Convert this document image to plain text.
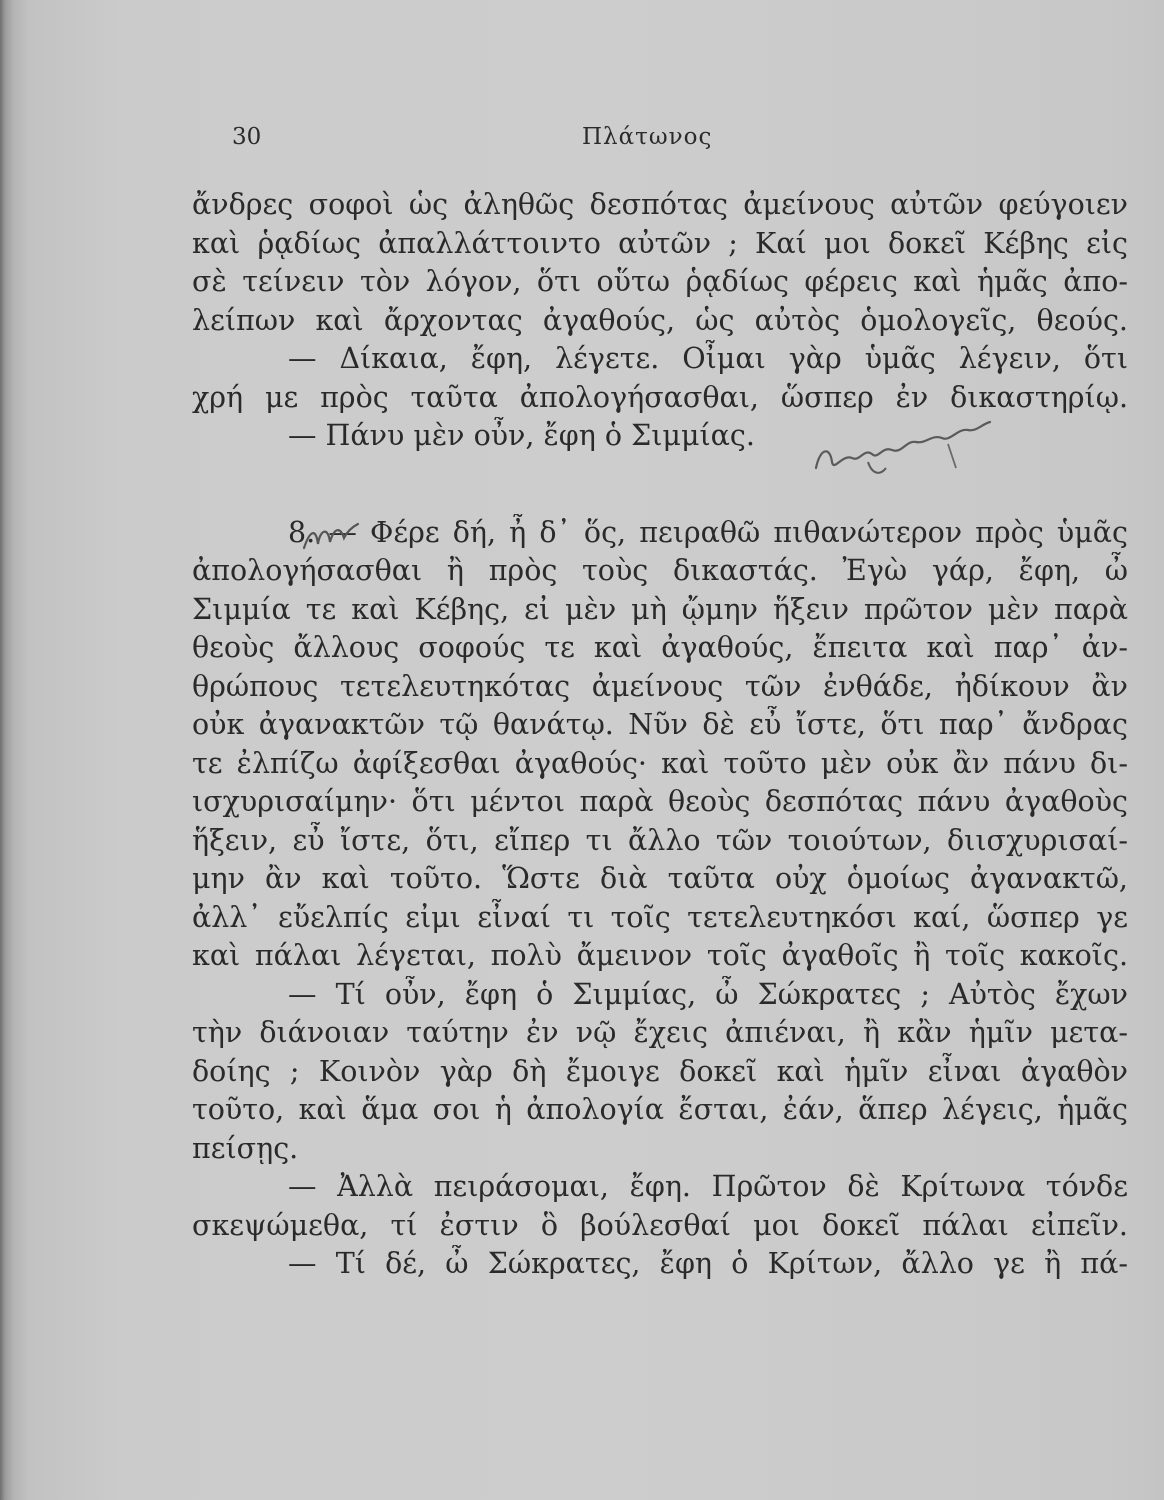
30	Πλάτωνος
ἄνδρες σοφοὶ ὡς ἀληθῶς δεσπότας ἀμείνους αὐτῶν φεύγοιεν
καὶ ῥᾳδίως ἀπαλλάττοιντο αὐτῶν ; Καί μοι δοκεῖ Κέβης εἰς
σὲ τείνειν τὸν λόγον, ὅτι οὕτω ῥᾳδίως φέρεις καὶ ἡμᾶς ἀπο-
λείπων καὶ ἄρχοντας ἀγαθούς, ὡς αὐτὸς ὁμολογεῖς, θεούς.
— Δίκαια, ἔφη, λέγετε. Οἶμαι γὰρ ὑμᾶς λέγειν, ὅτι
χρή με πρὸς ταῦτα ἀπολογήσασθαι, ὥσπερ ἐν δικαστηρίῳ.
— Πάνυ μὲν οὖν, ἔφη ὁ Σιμμίας.
8. — Φέρε δή, ἦ δ᾽ ὅς, πειραθῶ πιθανώτερον πρὸς ὑμᾶς
ἀπολογήσασθαι ἢ πρὸς τοὺς δικαστάς. Ἐγὼ γάρ, ἔφη, ὦ
Σιμμία τε καὶ Κέβης, εἰ μὲν μὴ ᾤμην ἥξειν πρῶτον μὲν παρὰ
θεοὺς ἄλλους σοφούς τε καὶ ἀγαθούς, ἔπειτα καὶ παρ᾽ ἀν-
θρώπους τετελευτηκότας ἀμείνους τῶν ἐνθάδε, ἠδίκουν ἂν
οὐκ ἀγανακτῶν τῷ θανάτῳ. Νῦν δὲ εὖ ἴστε, ὅτι παρ᾽ ἄνδρας
τε ἐλπίζω ἀφίξεσθαι ἀγαθούς· καὶ τοῦτο μὲν οὐκ ἂν πάνυ δι-
ισχυρισαίμην· ὅτι μέντοι παρὰ θεοὺς δεσπότας πάνυ ἀγαθοὺς
ἥξειν, εὖ ἴστε, ὅτι, εἴπερ τι ἄλλο τῶν τοιούτων, διισχυρισαί-
μην ἂν καὶ τοῦτο. Ὥστε διὰ ταῦτα οὐχ ὁμοίως ἀγανακτῶ,
ἀλλ᾽ εὔελπίς εἰμι εἶναί τι τοῖς τετελευτηκόσι καί, ὥσπερ γε
καὶ πάλαι λέγεται, πολὺ ἄμεινον τοῖς ἀγαθοῖς ἢ τοῖς κακοῖς.
— Τί οὖν, ἔφη ὁ Σιμμίας, ὦ Σώκρατες ; Αὐτὸς ἔχων
τὴν διάνοιαν ταύτην ἐν νῷ ἔχεις ἀπιέναι, ἢ κἂν ἡμῖν μετα-
δοίης ; Κοινὸν γὰρ δὴ ἔμοιγε δοκεῖ καὶ ἡμῖν εἶναι ἀγαθὸν
τοῦτο, καὶ ἅμα σοι ἡ ἀπολογία ἔσται, ἐάν, ἅπερ λέγεις, ἡμᾶς
πείσῃς.
— Ἀλλὰ πειράσομαι, ἔφη. Πρῶτον δὲ Κρίτωνα τόνδε
σκεψώμεθα, τί ἐστιν ὃ βούλεσθαί μοι δοκεῖ πάλαι εἰπεῖν.
— Τί δέ, ὦ Σώκρατες, ἔφη ὁ Κρίτων, ἄλλο γε ἢ πά-
